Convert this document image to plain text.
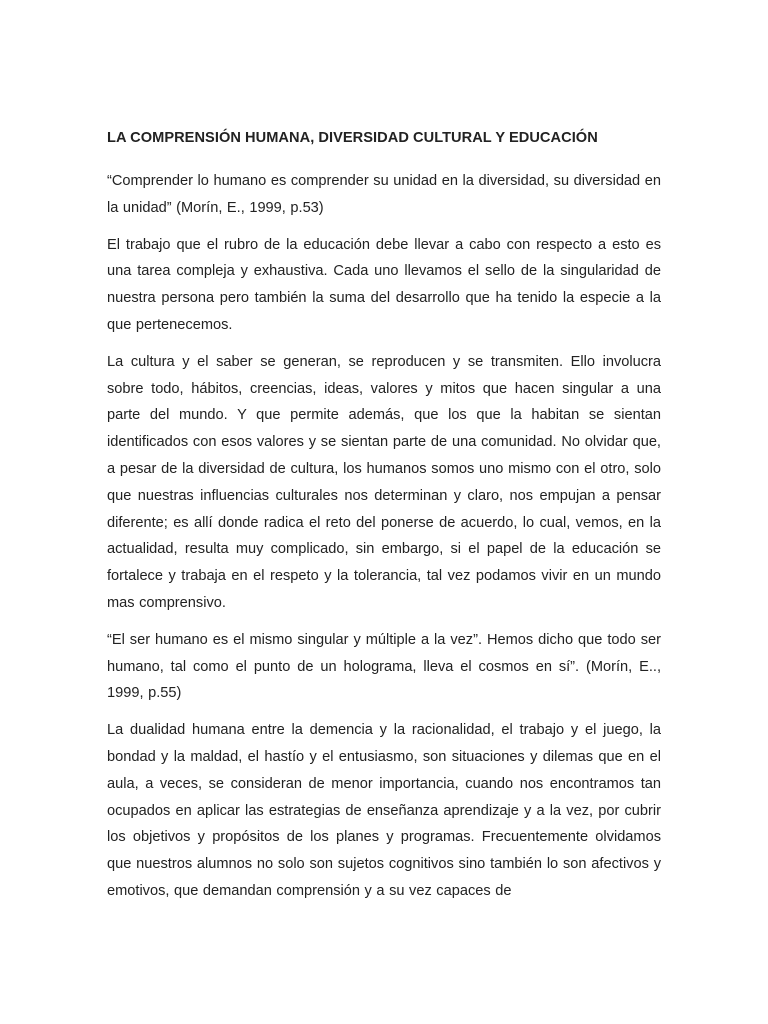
LA COMPRENSIÓN HUMANA, DIVERSIDAD CULTURAL Y EDUCACIÓN

“Comprender lo humano es comprender su unidad en la diversidad, su diversidad en la unidad” (Morín, E., 1999, p.53)

El trabajo que el rubro de la educación debe llevar a cabo con respecto a esto es una tarea compleja y exhaustiva. Cada uno llevamos el sello de la singularidad de nuestra persona pero también la suma del desarrollo que ha tenido la especie a la que pertenecemos.

La cultura y el saber se generan, se reproducen y se transmiten. Ello involucra sobre todo, hábitos, creencias, ideas, valores y mitos que hacen singular a una parte del mundo. Y que permite además, que los que la habitan se sientan identificados con esos valores y se sientan parte de una comunidad. No olvidar que, a pesar de la diversidad de cultura, los humanos somos uno mismo con el otro, solo que nuestras influencias culturales nos determinan y claro, nos empujan a pensar diferente; es allí donde radica el reto del ponerse de acuerdo, lo cual, vemos, en la actualidad, resulta muy complicado, sin embargo, si el papel de la educación se fortalece y trabaja en el respeto y la tolerancia, tal vez podamos vivir en un mundo mas comprensivo.

“El ser humano es el mismo singular y múltiple a la vez”. Hemos dicho que todo ser humano, tal como el punto de un holograma, lleva el cosmos en sí”. (Morín, E.., 1999, p.55)

La dualidad humana entre la demencia y la racionalidad, el trabajo y el juego, la bondad y la maldad, el hastío y el entusiasmo, son situaciones y dilemas que en el aula, a veces, se consideran de menor importancia, cuando nos encontramos tan ocupados en aplicar las estrategias de enseñanza aprendizaje y a la vez, por cubrir los objetivos y propósitos de los planes y programas. Frecuentemente olvidamos que nuestros alumnos no solo son sujetos cognitivos sino también lo son afectivos y emotivos, que demandan comprensión y a su vez capaces de
